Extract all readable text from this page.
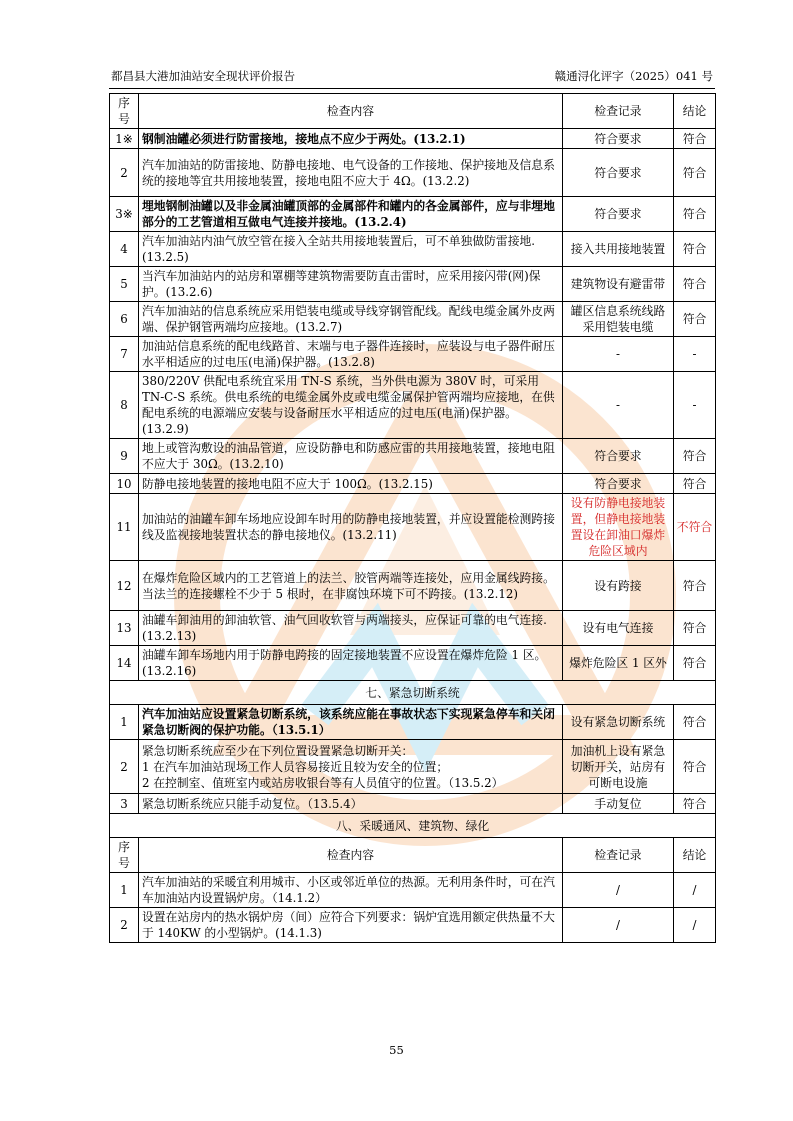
都昌县大港加油站安全现状评价报告	赣通浔化评字（2025）041 号
序号	检查内容	检查记录	结论
1※	钢制油罐必须进行防雷接地，接地点不应少于两处。(13.2.1)	符合要求	符合
2	汽车加油站的防雷接地、防静电接地、电气设备的工作接地、保护接地及信息系统的接地等宜共用接地装置，接地电阻不应大于 4Ω。(13.2.2)	符合要求	符合
3※	埋地钢制油罐以及非金属油罐顶部的金属部件和罐内的各金属部件，应与非埋地部分的工艺管道相互做电气连接并接地。(13.2.4)	符合要求	符合
4	汽车加油站内油气放空管在接入全站共用接地装置后，可不单独做防雷接地. (13.2.5)	接入共用接地装置	符合
5	当汽车加油站内的站房和罩棚等建筑物需要防直击雷时，应采用接闪带(网)保护。(13.2.6)	建筑物设有避雷带	符合
6	汽车加油站的信息系统应采用铠装电缆或导线穿钢管配线。配线电缆金属外皮两端、保护钢管两端均应接地。(13.2.7)	罐区信息系统线路采用铠装电缆	符合
7	加油站信息系统的配电线路首、末端与电子器件连接时，应装设与电子器件耐压水平相适应的过电压(电涌)保护器。(13.2.8)	-	-
8	380/220V 供配电系统宜采用 TN-S 系统，当外供电源为 380V 时，可采用 TN-C-S 系统。供电系统的电缆金属外皮或电缆金属保护管两端均应接地，在供配电系统的电源端应安装与设备耐压水平相适应的过电压(电涌)保护器。(13.2.9)	-	-
9	地上或管沟敷设的油品管道，应设防静电和防感应雷的共用接地装置，接地电阻不应大于 30Ω。(13.2.10)	符合要求	符合
10	防静电接地装置的接地电阻不应大于 100Ω。(13.2.15)	符合要求	符合
11	加油站的油罐车卸车场地应设卸车时用的防静电接地装置，并应设置能检测跨接线及监视接地装置状态的静电接地仪。(13.2.11)	设有防静电接地装置，但静电接地装置设在卸油口爆炸危险区域内	不符合
12	在爆炸危险区域内的工艺管道上的法兰、胶管两端等连接处，应用金属线跨接。当法兰的连接螺栓不少于 5 根时，在非腐蚀环境下可不跨接。(13.2.12)	设有跨接	符合
13	油罐车卸油用的卸油软管、油气回收软管与两端接头，应保证可靠的电气连接. (13.2.13)	设有电气连接	符合
14	油罐车卸车场地内用于防静电跨接的固定接地装置不应设置在爆炸危险 1 区。 (13.2.16)	爆炸危险区 1 区外	符合
七、紧急切断系统			
1	汽车加油站应设置紧急切断系统，该系统应能在事故状态下实现紧急停车和关闭紧急切断阀的保护功能。（13.5.1）	设有紧急切断系统	符合
2	紧急切断系统应至少在下列位置设置紧急切断开关：
1 在汽车加油站现场工作人员容易接近且较为安全的位置；
2 在控制室、值班室内或站房收银台等有人员值守的位置。（13.5.2）	加油机上设有紧急切断开关，站房有可断电设施	符合
3	紧急切断系统应只能手动复位。（13.5.4）	手动复位	符合
八、采暖通风、建筑物、绿化			
序号	检查内容	检查记录	结论
1	汽车加油站的采暖宜利用城市、小区或邻近单位的热源。无利用条件时，可在汽车加油站内设置锅炉房。（14.1.2）	/	/
2	设置在站房内的热水锅炉房（间）应符合下列要求：锅炉宜选用额定供热量不大于 140KW 的小型锅炉。(14.1.3)	/	/
55
